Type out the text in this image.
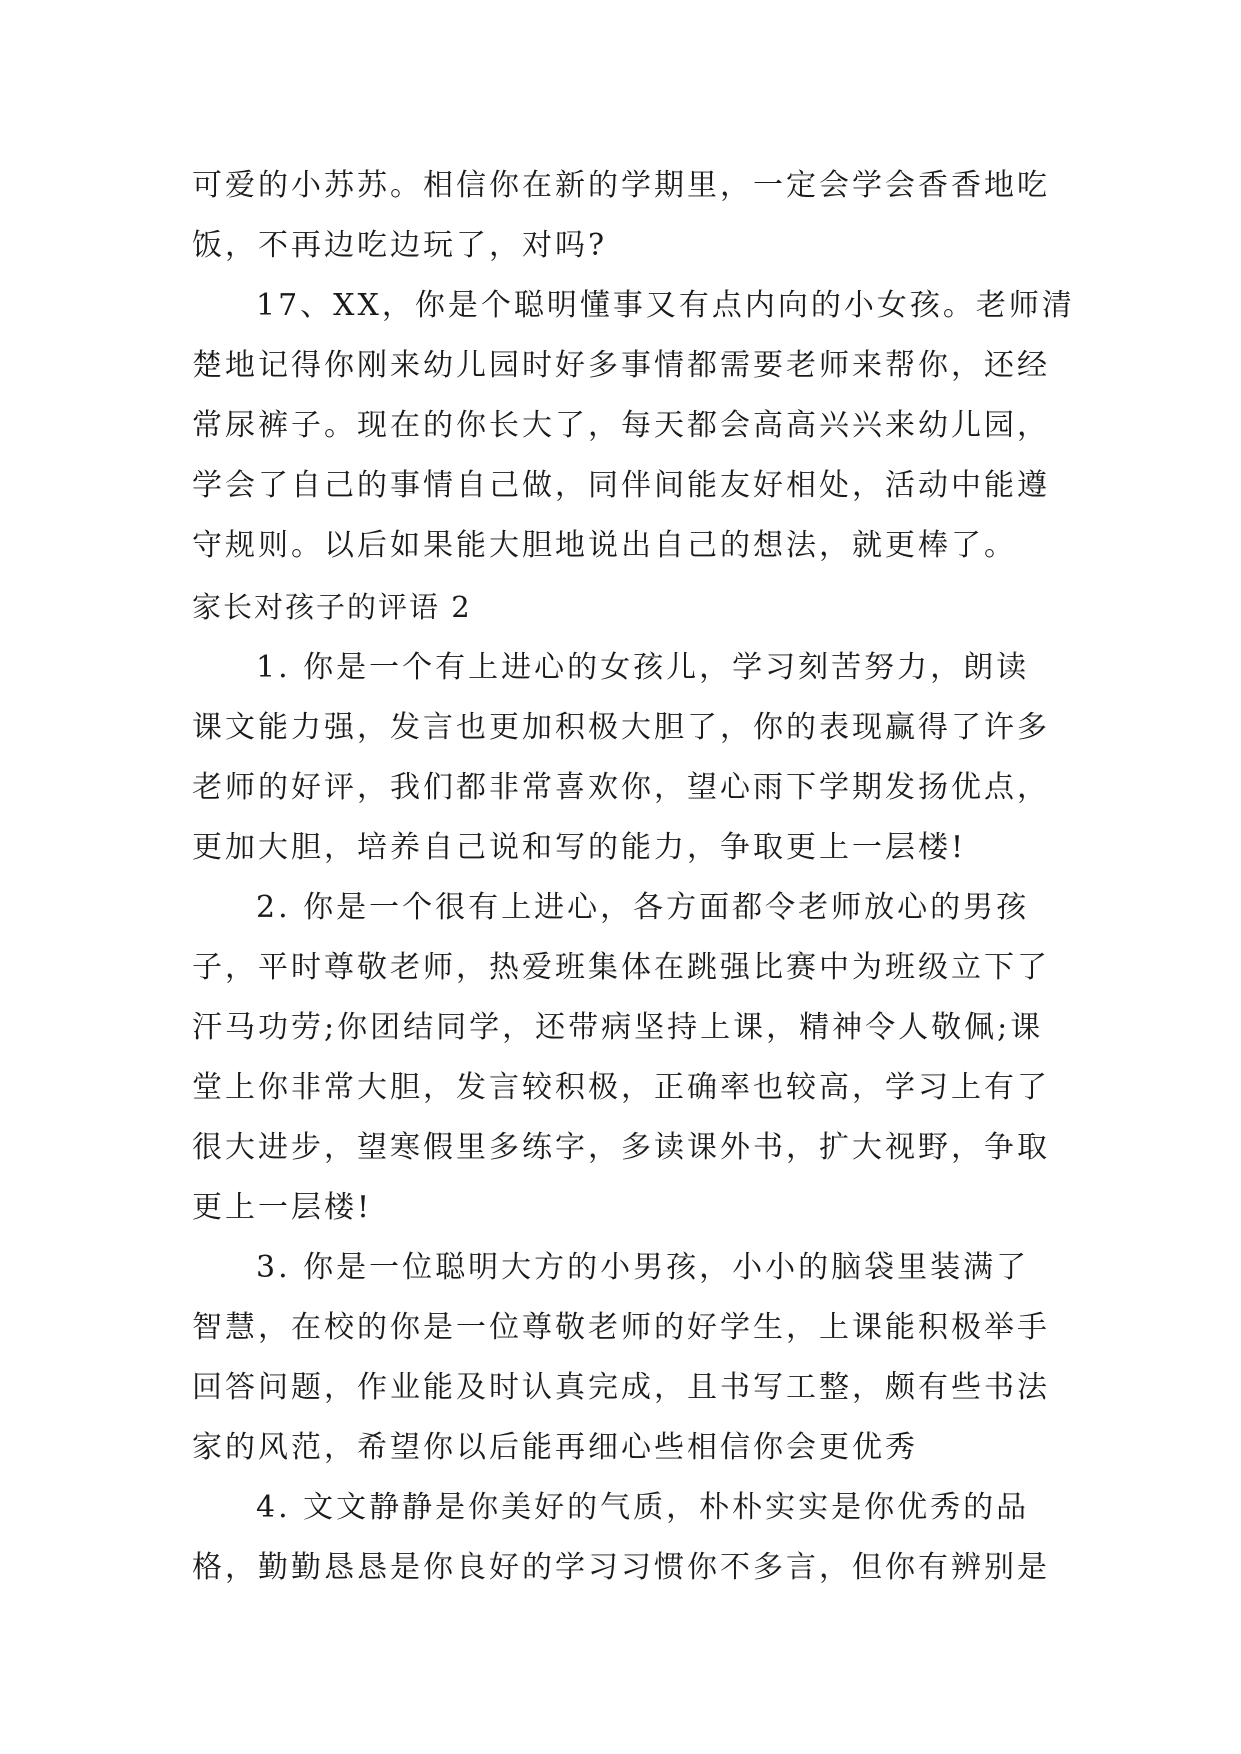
可爱的小苏苏。相信你在新的学期里，一定会学会香香地吃
饭，不再边吃边玩了，对吗?
17、XX，你是个聪明懂事又有点内向的小女孩。老师清
楚地记得你刚来幼儿园时好多事情都需要老师来帮你，还经
常尿裤子。现在的你长大了，每天都会高高兴兴来幼儿园，
学会了自己的事情自己做，同伴间能友好相处，活动中能遵
守规则。以后如果能大胆地说出自己的想法，就更棒了。
家长对孩子的评语 2
1. 你是一个有上进心的女孩儿，学习刻苦努力，朗读
课文能力强，发言也更加积极大胆了，你的表现赢得了许多
老师的好评，我们都非常喜欢你，望心雨下学期发扬优点，
更加大胆，培养自己说和写的能力，争取更上一层楼!
2. 你是一个很有上进心，各方面都令老师放心的男孩
子，平时尊敬老师，热爱班集体在跳强比赛中为班级立下了
汗马功劳;你团结同学，还带病坚持上课，精神令人敬佩;课
堂上你非常大胆，发言较积极，正确率也较高，学习上有了
很大进步，望寒假里多练字，多读课外书，扩大视野，争取
更上一层楼!
3. 你是一位聪明大方的小男孩，小小的脑袋里装满了
智慧，在校的你是一位尊敬老师的好学生，上课能积极举手
回答问题，作业能及时认真完成，且书写工整，颇有些书法
家的风范，希望你以后能再细心些相信你会更优秀
4. 文文静静是你美好的气质，朴朴实实是你优秀的品
格，勤勤恳恳是你良好的学习习惯你不多言，但你有辨别是
